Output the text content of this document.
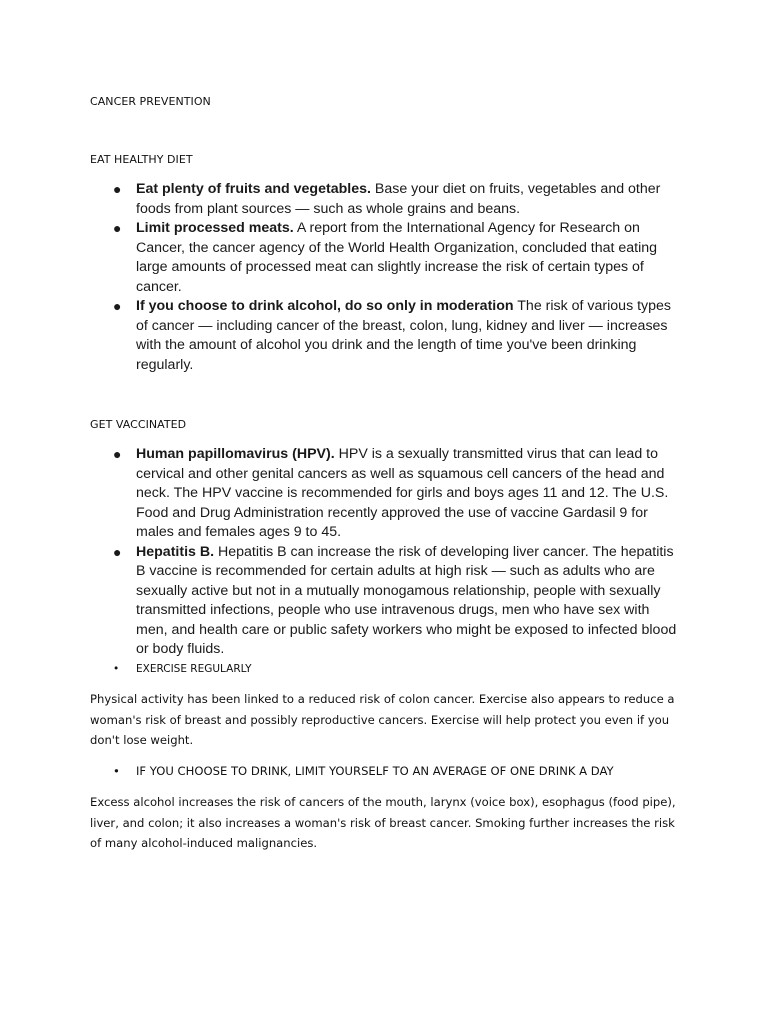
CANCER PREVENTION
EAT HEALTHY DIET
● Eat plenty of fruits and vegetables. Base your diet on fruits, vegetables and other foods from plant sources — such as whole grains and beans.
● Limit processed meats. A report from the International Agency for Research on Cancer, the cancer agency of the World Health Organization, concluded that eating large amounts of processed meat can slightly increase the risk of certain types of cancer.
● If you choose to drink alcohol, do so only in moderation The risk of various types of cancer — including cancer of the breast, colon, lung, kidney and liver — increases with the amount of alcohol you drink and the length of time you've been drinking regularly.
GET VACCINATED
● Human papillomavirus (HPV). HPV is a sexually transmitted virus that can lead to cervical and other genital cancers as well as squamous cell cancers of the head and neck. The HPV vaccine is recommended for girls and boys ages 11 and 12. The U.S. Food and Drug Administration recently approved the use of vaccine Gardasil 9 for males and females ages 9 to 45.
● Hepatitis B. Hepatitis B can increase the risk of developing liver cancer. The hepatitis B vaccine is recommended for certain adults at high risk — such as adults who are sexually active but not in a mutually monogamous relationship, people with sexually transmitted infections, people who use intravenous drugs, men who have sex with men, and health care or public safety workers who might be exposed to infected blood or body fluids.
• EXERCISE REGULARLY

Physical activity has been linked to a reduced risk of colon cancer. Exercise also appears to reduce a woman's risk of breast and possibly reproductive cancers. Exercise will help protect you even if you don't lose weight.

• IF YOU CHOOSE TO DRINK, LIMIT YOURSELF TO AN AVERAGE OF ONE DRINK A DAY

Excess alcohol increases the risk of cancers of the mouth, larynx (voice box), esophagus (food pipe), liver, and colon; it also increases a woman's risk of breast cancer. Smoking further increases the risk of many alcohol-induced malignancies.
